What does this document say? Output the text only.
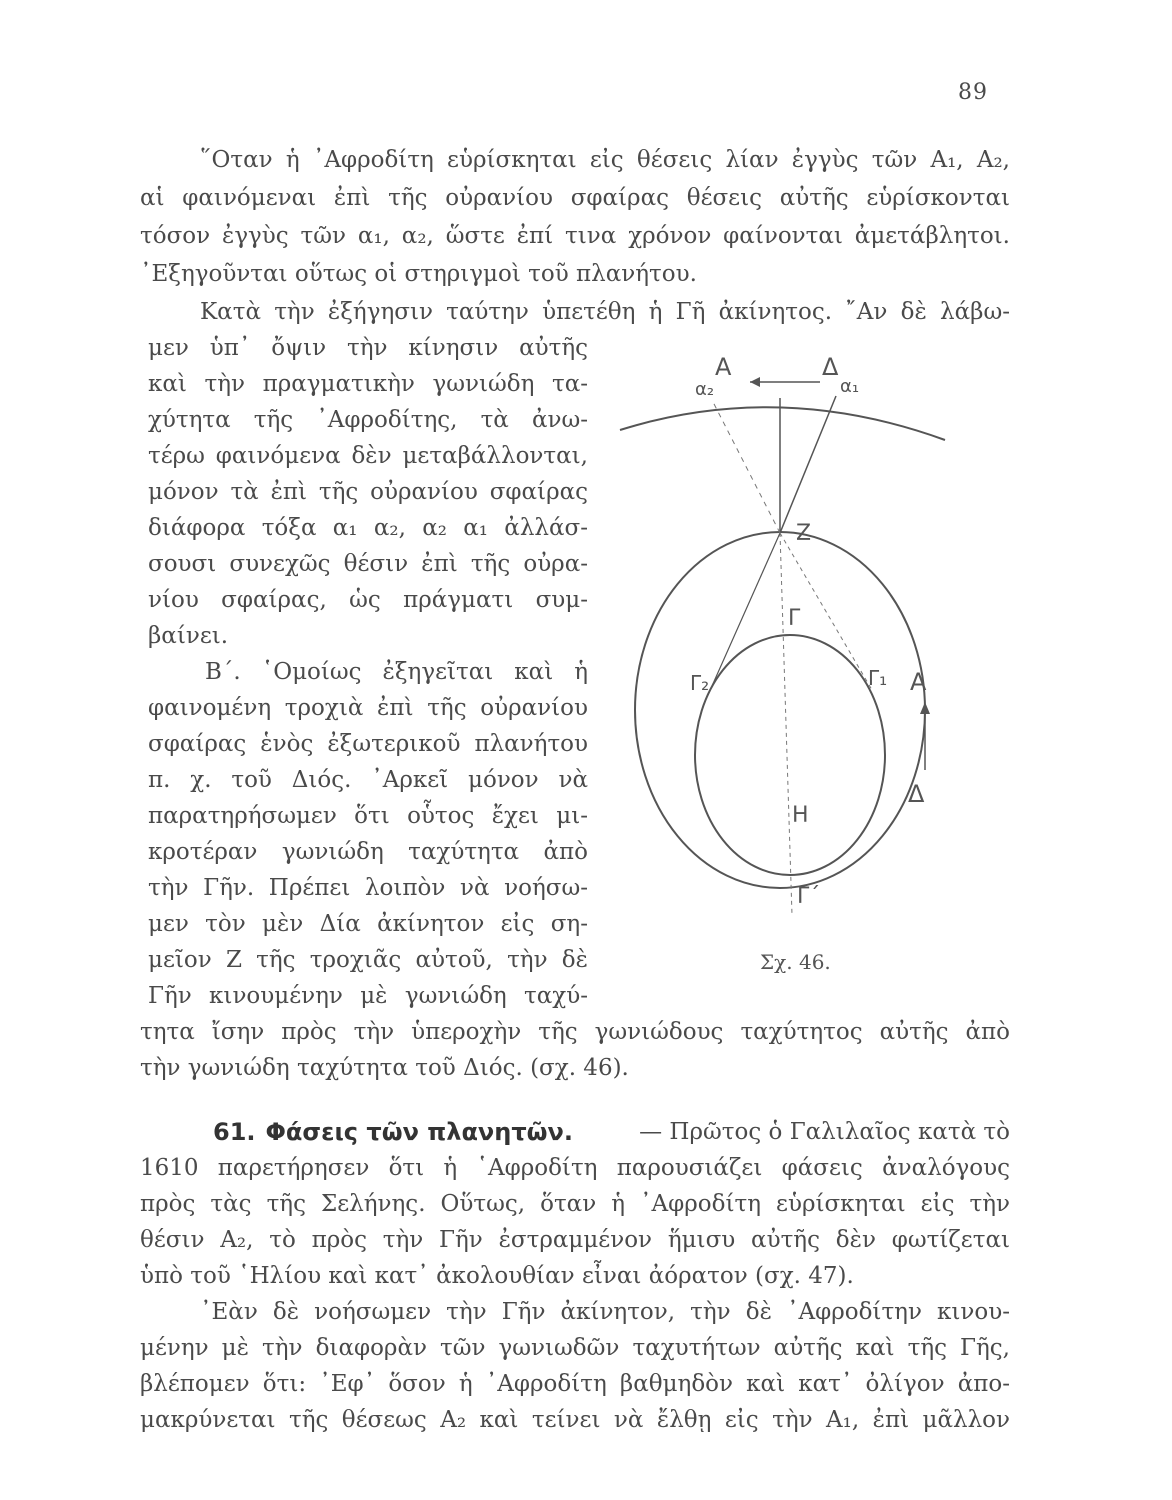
89
῞Οταν ἡ ᾿Αφροδίτη εὑρίσκηται εἰς θέσεις λίαν ἐγγὺς τῶν Α₁, Α₂,
αἱ φαινόμεναι ἐπὶ τῆς οὐρανίου σφαίρας θέσεις αὐτῆς εὑρίσκονται
τόσον ἐγγὺς τῶν α₁, α₂, ὥστε ἐπί τινα χρόνον φαίνονται ἀμετάβλητοι.
᾿Εξηγοῦνται οὕτως οἱ στηριγμοὶ τοῦ πλανήτου.
Κατὰ τὴν ἐξήγησιν ταύτην ὑπετέθη ἡ Γῆ ἀκίνητος. ῎Αν δὲ λάβω-
μεν ὑπ᾿ ὄψιν τὴν κίνησιν αὐτῆς
καὶ τὴν πραγματικὴν γωνιώδη τα-
χύτητα τῆς ᾿Αφροδίτης, τὰ ἀνω-
τέρω φαινόμενα δὲν μεταβάλλονται,
μόνον τὰ ἐπὶ τῆς οὐρανίου σφαίρας
διάφορα τόξα α₁ α₂, α₂ α₁ ἀλλάσ-
σουσι συνεχῶς θέσιν ἐπὶ τῆς οὐρα-
νίου σφαίρας, ὡς πράγματι συμ-
βαίνει.
Β΄. ῾Ομοίως ἐξηγεῖται καὶ ἡ
φαινομένη τροχιὰ ἐπὶ τῆς οὐρανίου
σφαίρας ἑνὸς ἐξωτερικοῦ πλανήτου
π. χ. τοῦ Διός. ᾿Αρκεῖ μόνον νὰ
παρατηρήσωμεν ὅτι οὗτος ἔχει μι-
κροτέραν γωνιώδη ταχύτητα ἀπὸ
τὴν Γῆν. Πρέπει λοιπὸν νὰ νοήσω-
μεν τὸν μὲν Δία ἀκίνητον εἰς ση-
μεῖον Ζ τῆς τροχιᾶς αὐτοῦ, τὴν δὲ
Γῆν κινουμένην μὲ γωνιώδη ταχύ-
τητα ἴσην πρὸς τὴν ὑπεροχὴν τῆς γωνιώδους ταχύτητος αὐτῆς ἀπὸ
τὴν γωνιώδη ταχύτητα τοῦ Διός. (σχ. 46).
61. Φάσεις τῶν πλανητῶν.	— Πρῶτος ὁ Γαλιλαῖος κατὰ τὸ
1610 παρετήρησεν ὅτι ἡ ῾Αφροδίτη παρουσιάζει φάσεις ἀναλόγους
πρὸς τὰς τῆς Σελήνης. Οὕτως, ὅταν ἡ ᾿Αφροδίτη εὑρίσκηται εἰς τὴν
θέσιν Α₂, τὸ πρὸς τὴν Γῆν ἐστραμμένον ἥμισυ αὐτῆς δὲν φωτίζεται
ὑπὸ τοῦ ῾Ηλίου καὶ κατ᾿ ἀκολουθίαν εἶναι ἀόρατον (σχ. 47).
᾿Εὰν δὲ νοήσωμεν τὴν Γῆν ἀκίνητον, τὴν δὲ ᾿Αφροδίτην κινου-
μένην μὲ τὴν διαφορὰν τῶν γωνιωδῶν ταχυτήτων αὐτῆς καὶ τῆς Γῆς,
βλέπομεν ὅτι: ᾿Εφ᾿ ὅσον ἡ ᾿Αφροδίτη βαθμηδὸν καὶ κατ᾿ ὀλίγον ἀπο-
μακρύνεται τῆς θέσεως Α₂ καὶ τείνει νὰ ἔλθῃ εἰς τὴν Α₁, ἐπὶ μᾶλλον
Α	Δ
α₂	α₁
Ζ
Γ
Γ₂	Γ₁ Α
Δ
Η
Γ΄
Σχ. 46.
